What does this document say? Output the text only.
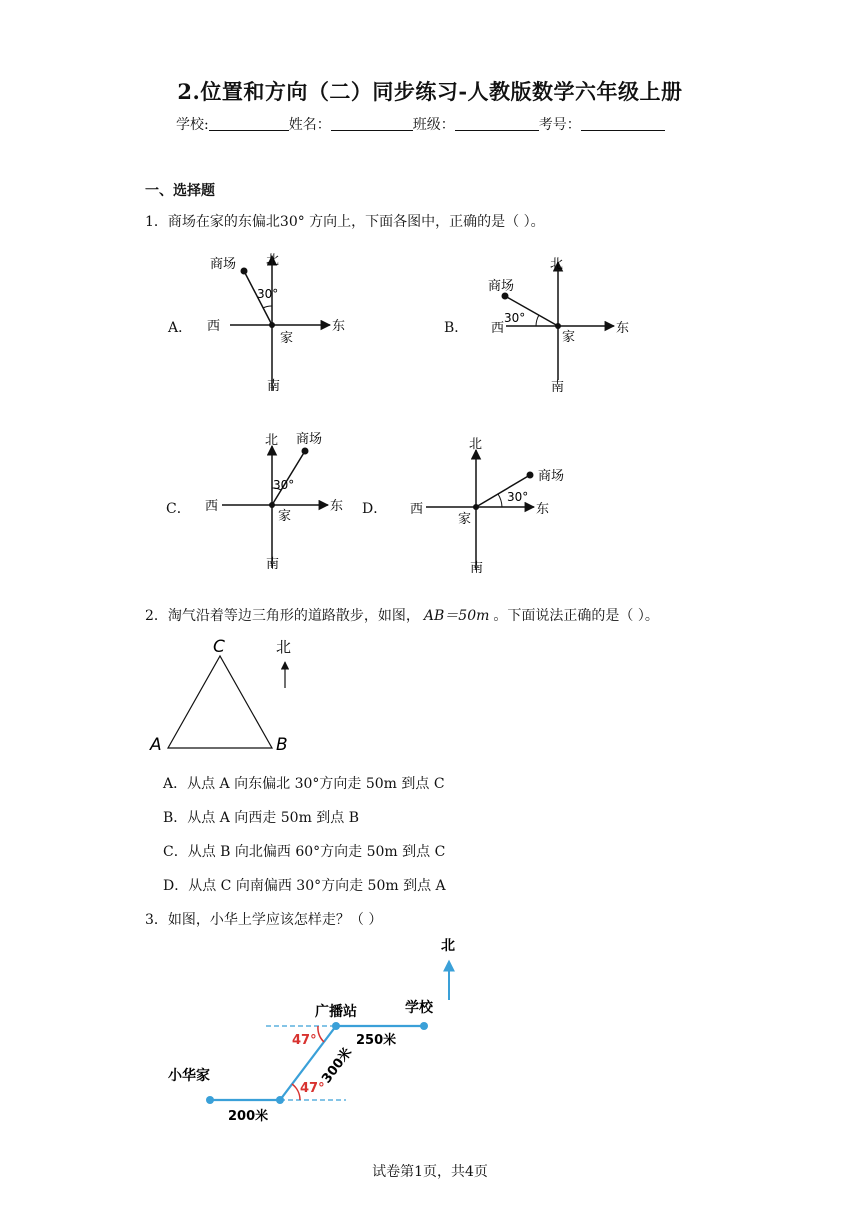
2.位置和方向（二）同步练习-人教版数学六年级上册
学校:	姓名：	班级：	考号：
一、选择题
1．商场在家的东偏北30° 方向上，下面各图中，正确的是（ ）。
A．	B．
C．	D．
商场 北
30°
西	东
家
南
商场
北
30°
西	东
家
南
商场
北
30°
西	东
家
南
商场
北
30°
西	东
家
南
2．淘气沿着等边三角形的道路散步，如图， AB＝50m 。下面说法正确的是（ ）。
A	B
C	北
A．从点 A 向东偏北 30°方向走 50m 到点 C
B．从点 A 向西走 50m 到点 B
C．从点 B 向北偏西 60°方向走 50m 到点 C
D．从点 C 向南偏西 30°方向走 50m 到点 A
3．如图，小华上学应该怎样走？（ ）
北
47°
47°
广播站	学校
小华家
200米
250米
300米
试卷第1页，共4页
